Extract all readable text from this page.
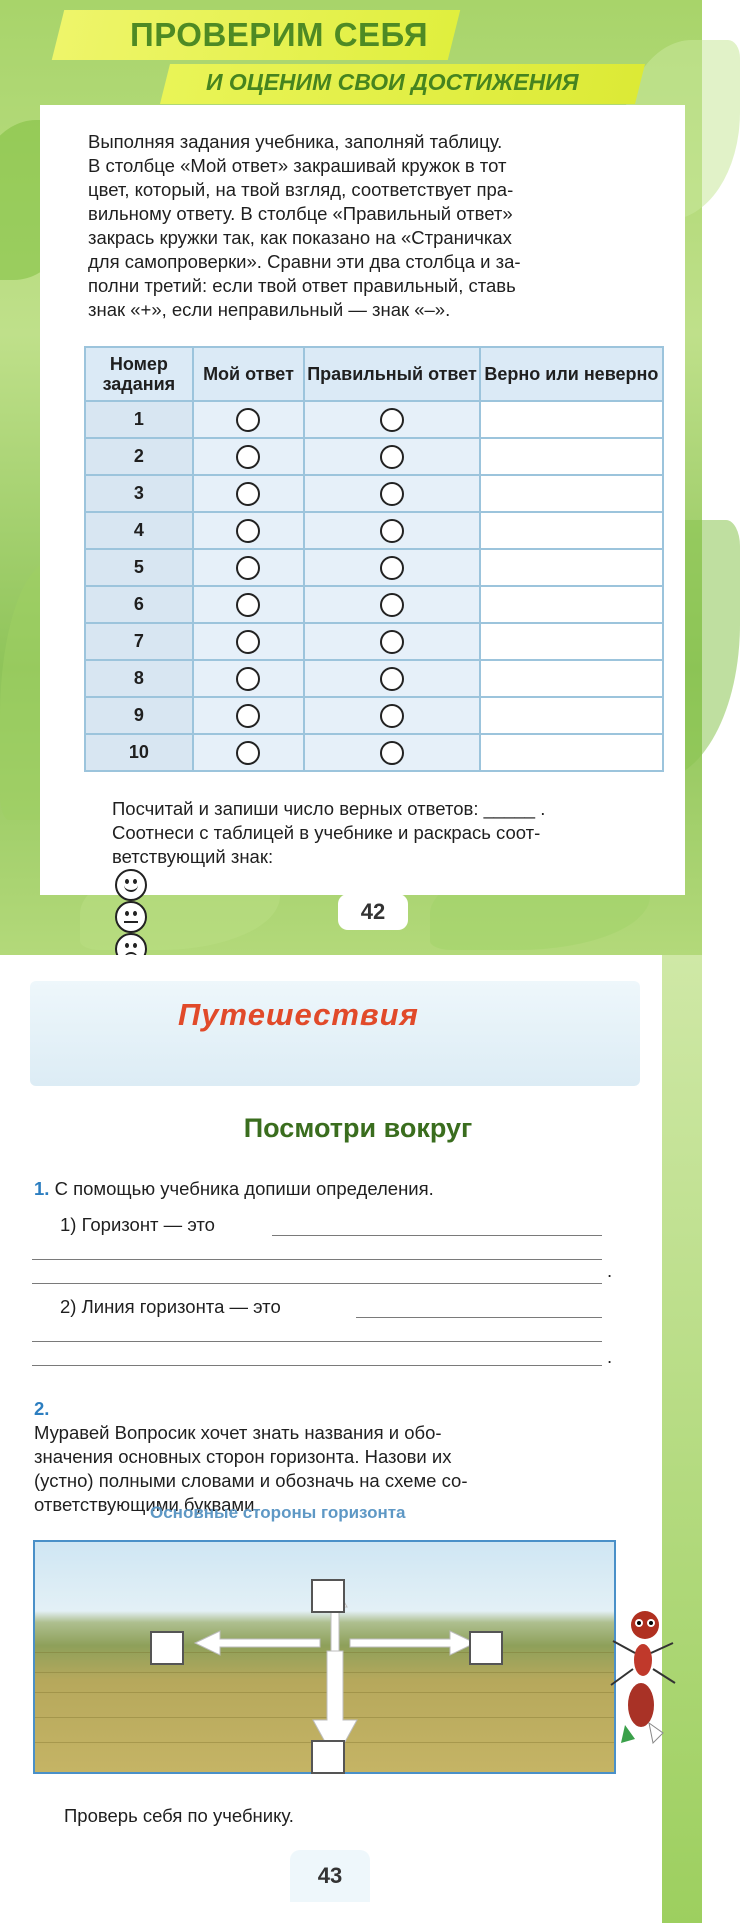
ПРОВЕРИМ СЕБЯ
И ОЦЕНИМ СВОИ ДОСТИЖЕНИЯ

Выполняя задания учебника, заполняй таблицу.
В столбце «Мой ответ» закрашивай кружок в тот
цвет, который, на твой взгляд, соответствует пра-
вильному ответу. В столбце «Правильный ответ»
закрась кружки так, как показано на «Страничках
для самопроверки». Сравни эти два столбца и за-
полни третий: если твой ответ правильный, ставь
знак «+», если неправильный — знак «–».

Номер задания	Мой ответ	Правильный ответ	Верно или неверно
1			
2			
3			
4			
5			
6			
7			
8			
9			
10			
Посчитай и запиши число верных ответов: _____ .
Соотнеси с таблицей в учебнике и раскрась соот-
ветствующий знак:
42
Путешествия
Посмотри вокруг
1. С помощью учебника допиши определения.
1) Горизонт — это
.
2) Линия горизонта — это
.
2.
Муравей Вопросик хочет знать названия и обо-
значения основных сторон горизонта. Назови их
(устно) полными словами и обозначь на схеме со-
ответствующими буквами.
Основные стороны горизонта
Проверь себя по учебнику.
43
